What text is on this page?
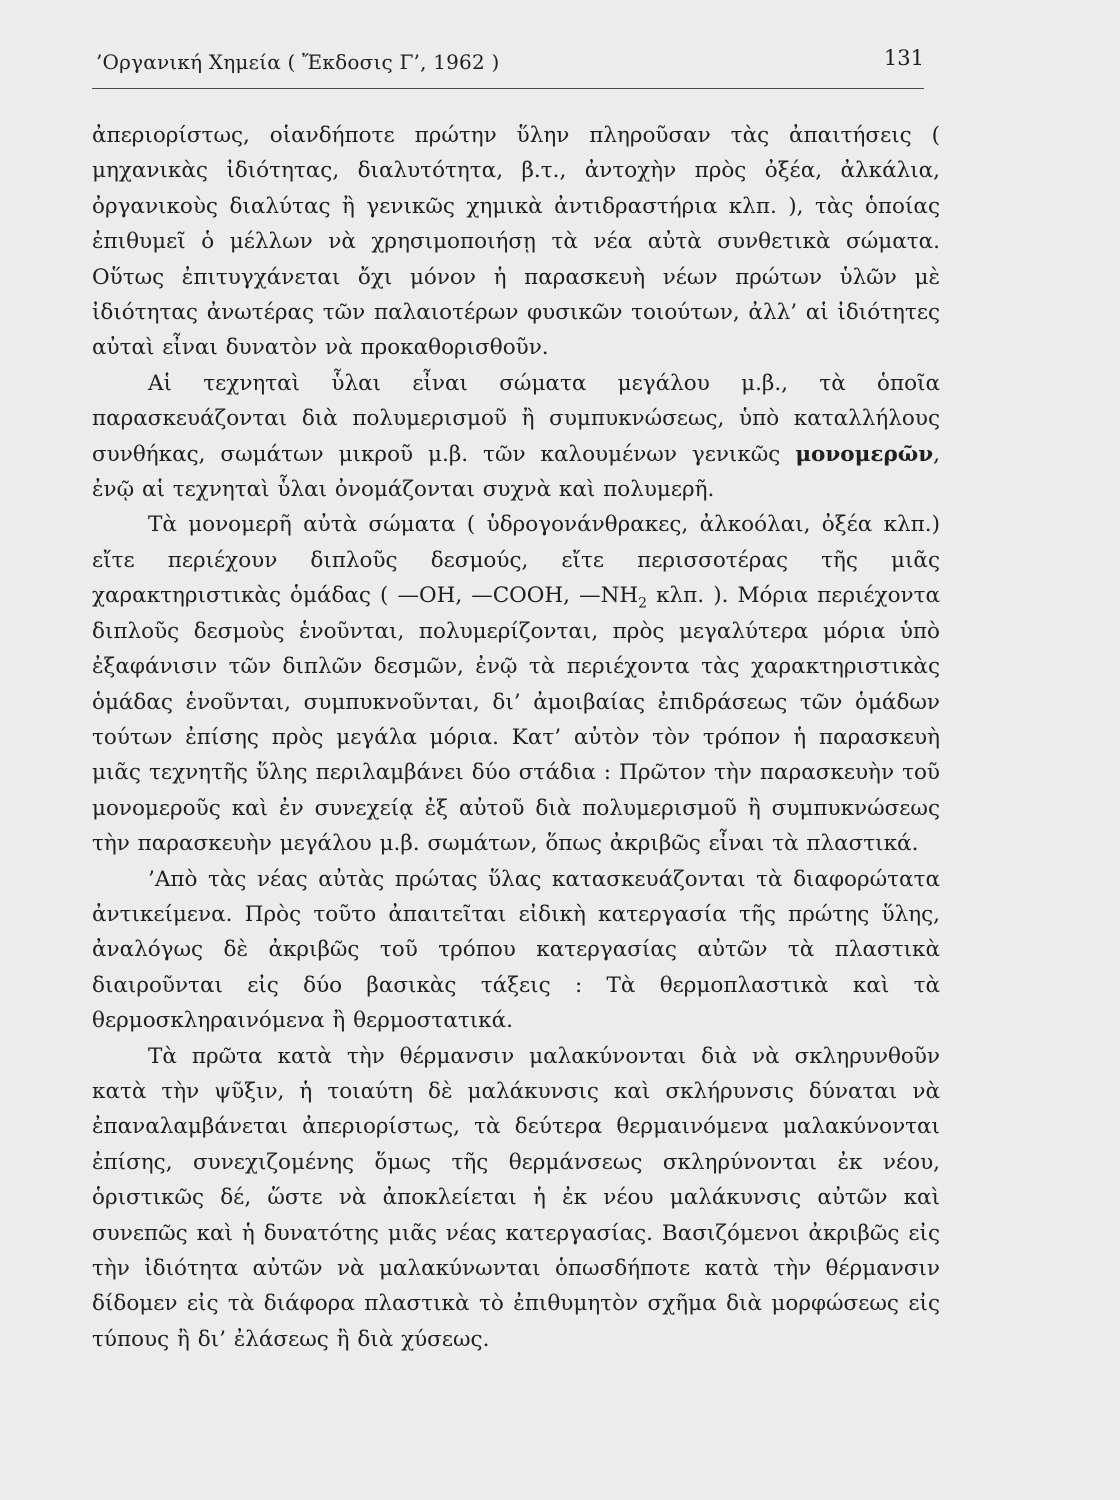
’Οργανική Χημεία ( Ἔκδοσις Γ’, 1962 )	131

ἀπεριορίστως, οἱανδήποτε πρώτην ὕλην πληροῦσαν τὰς ἀπαιτήσεις ( μηχανικὰς ἰδιότητας, διαλυτότητα, β.τ., ἀντοχὴν πρὸς ὀξέα, ἀλκάλια, ὀργανικοὺς διαλύτας ἢ γενικῶς χημικὰ ἀντιδραστήρια κλπ. ), τὰς ὁποίας ἐπιθυμεῖ ὁ μέλλων νὰ χρησιμοποιήσῃ τὰ νέα αὐτὰ συνθετικὰ σώματα. Οὕτως ἐπιτυγχάνεται ὄχι μόνον ἡ παρασκευὴ νέων πρώτων ὑλῶν μὲ ἰδιότητας ἀνωτέρας τῶν παλαιοτέρων φυσικῶν τοιούτων, ἀλλ’ αἱ ἰδιότητες αὐταὶ εἶναι δυνατὸν νὰ προκαθορισθοῦν.

Αἱ τεχνηταὶ ὗλαι εἶναι σώματα μεγάλου μ.β., τὰ ὁποῖα παρασκευάζονται διὰ πολυμερισμοῦ ἢ συμπυκνώσεως, ὑπὸ καταλλήλους συνθήκας, σωμάτων μικροῦ μ.β. τῶν καλουμένων γενικῶς μονομερῶν, ἐνῷ αἱ τεχνηταὶ ὗλαι ὀνομάζονται συχνὰ καὶ πολυμερῆ.

Τὰ μονομερῆ αὐτὰ σώματα ( ὑδρογονάνθρακες, ἀλκοόλαι, ὀξέα κλπ.) εἴτε περιέχουν διπλοῦς δεσμούς, εἴτε περισσοτέρας τῆς μιᾶς χαρακτηριστικὰς ὁμάδας ( —OH, —COOH, $—NH_2$ κλπ. ). Μόρια περιέχοντα διπλοῦς δεσμοὺς ἑνοῦνται, πολυμερίζονται, πρὸς μεγαλύτερα μόρια ὑπὸ ἐξαφάνισιν τῶν διπλῶν δεσμῶν, ἐνῷ τὰ περιέχοντα τὰς χαρακτηριστικὰς ὁμάδας ἑνοῦνται, συμπυκνοῦνται, δι’ ἀμοιβαίας ἐπιδράσεως τῶν ὁμάδων τούτων ἐπίσης πρὸς μεγάλα μόρια. Κατ’ αὐτὸν τὸν τρόπον ἡ παρασκευὴ μιᾶς τεχνητῆς ὕλης περιλαμβάνει δύο στάδια : Πρῶτον τὴν παρασκευὴν τοῦ μονομεροῦς καὶ ἐν συνεχείᾳ ἐξ αὐτοῦ διὰ πολυμερισμοῦ ἢ συμπυκνώσεως τὴν παρασκευὴν μεγάλου μ.β. σωμάτων, ὅπως ἀκριβῶς εἶναι τὰ πλαστικά.

’Απὸ τὰς νέας αὐτὰς πρώτας ὕλας κατασκευάζονται τὰ διαφορώτατα ἀντικείμενα. Πρὸς τοῦτο ἀπαιτεῖται εἰδικὴ κατεργασία τῆς πρώτης ὕλης, ἀναλόγως δὲ ἀκριβῶς τοῦ τρόπου κατεργασίας αὐτῶν τὰ πλαστικὰ διαιροῦνται εἰς δύο βασικὰς τάξεις : Τὰ θερμοπλαστικὰ καὶ τὰ θερμοσκληραινόμενα ἢ θερμοστατικά.

Τὰ πρῶτα κατὰ τὴν θέρμανσιν μαλακύνονται διὰ νὰ σκληρυνθοῦν κατὰ τὴν ψῦξιν, ἡ τοιαύτη δὲ μαλάκυνσις καὶ σκλήρυνσις δύναται νὰ ἐπαναλαμβάνεται ἀπεριορίστως, τὰ δεύτερα θερμαινόμενα μαλακύνονται ἐπίσης, συνεχιζομένης ὅμως τῆς θερμάνσεως σκληρύνονται ἐκ νέου, ὁριστικῶς δέ, ὥστε νὰ ἀποκλείεται ἡ ἐκ νέου μαλάκυνσις αὐτῶν καὶ συνεπῶς καὶ ἡ δυνατότης μιᾶς νέας κατεργασίας. Βασιζόμενοι ἀκριβῶς εἰς τὴν ἰδιότητα αὐτῶν νὰ μαλακύνωνται ὁπωσδήποτε κατὰ τὴν θέρμανσιν δίδομεν εἰς τὰ διάφορα πλαστικὰ τὸ ἐπιθυμητὸν σχῆμα διὰ μορφώσεως εἰς τύπους ἢ δι’ ἐλάσεως ἢ διὰ χύσεως.
